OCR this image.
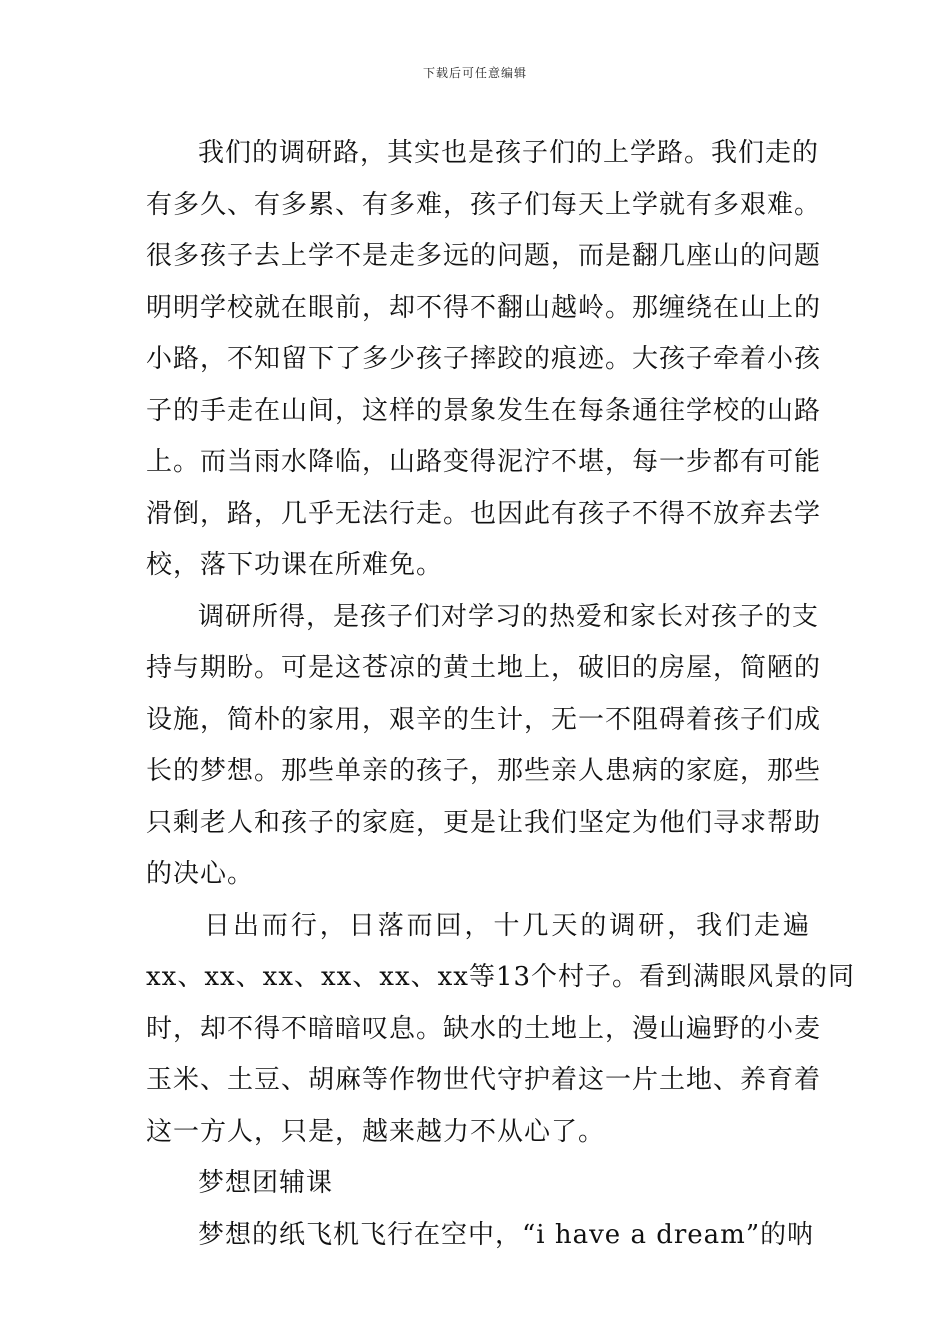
下载后可任意编辑
我们的调研路，其实也是孩子们的上学路。我们走的
有多久、有多累、有多难，孩子们每天上学就有多艰难。
很多孩子去上学不是走多远的问题，而是翻几座山的问题
明明学校就在眼前，却不得不翻山越岭。那缠绕在山上的
小路，不知留下了多少孩子摔跤的痕迹。大孩子牵着小孩
子的手走在山间，这样的景象发生在每条通往学校的山路
上。而当雨水降临，山路变得泥泞不堪，每一步都有可能
滑倒，路，几乎无法行走。也因此有孩子不得不放弃去学
校，落下功课在所难免。
调研所得，是孩子们对学习的热爱和家长对孩子的支
持与期盼。可是这苍凉的黄土地上，破旧的房屋，简陋的
设施，简朴的家用，艰辛的生计，无一不阻碍着孩子们成
长的梦想。那些单亲的孩子，那些亲人患病的家庭，那些
只剩老人和孩子的家庭，更是让我们坚定为他们寻求帮助
的决心。
日出而行，日落而回，十几天的调研，我们走遍
xx、xx、xx、xx、xx、xx等13个村子。看到满眼风景的同
时，却不得不暗暗叹息。缺水的土地上，漫山遍野的小麦
玉米、土豆、胡麻等作物世代守护着这一片土地、养育着
这一方人，只是，越来越力不从心了。
梦想团辅课
梦想的纸飞机飞行在空中，“i have a dream”的呐
